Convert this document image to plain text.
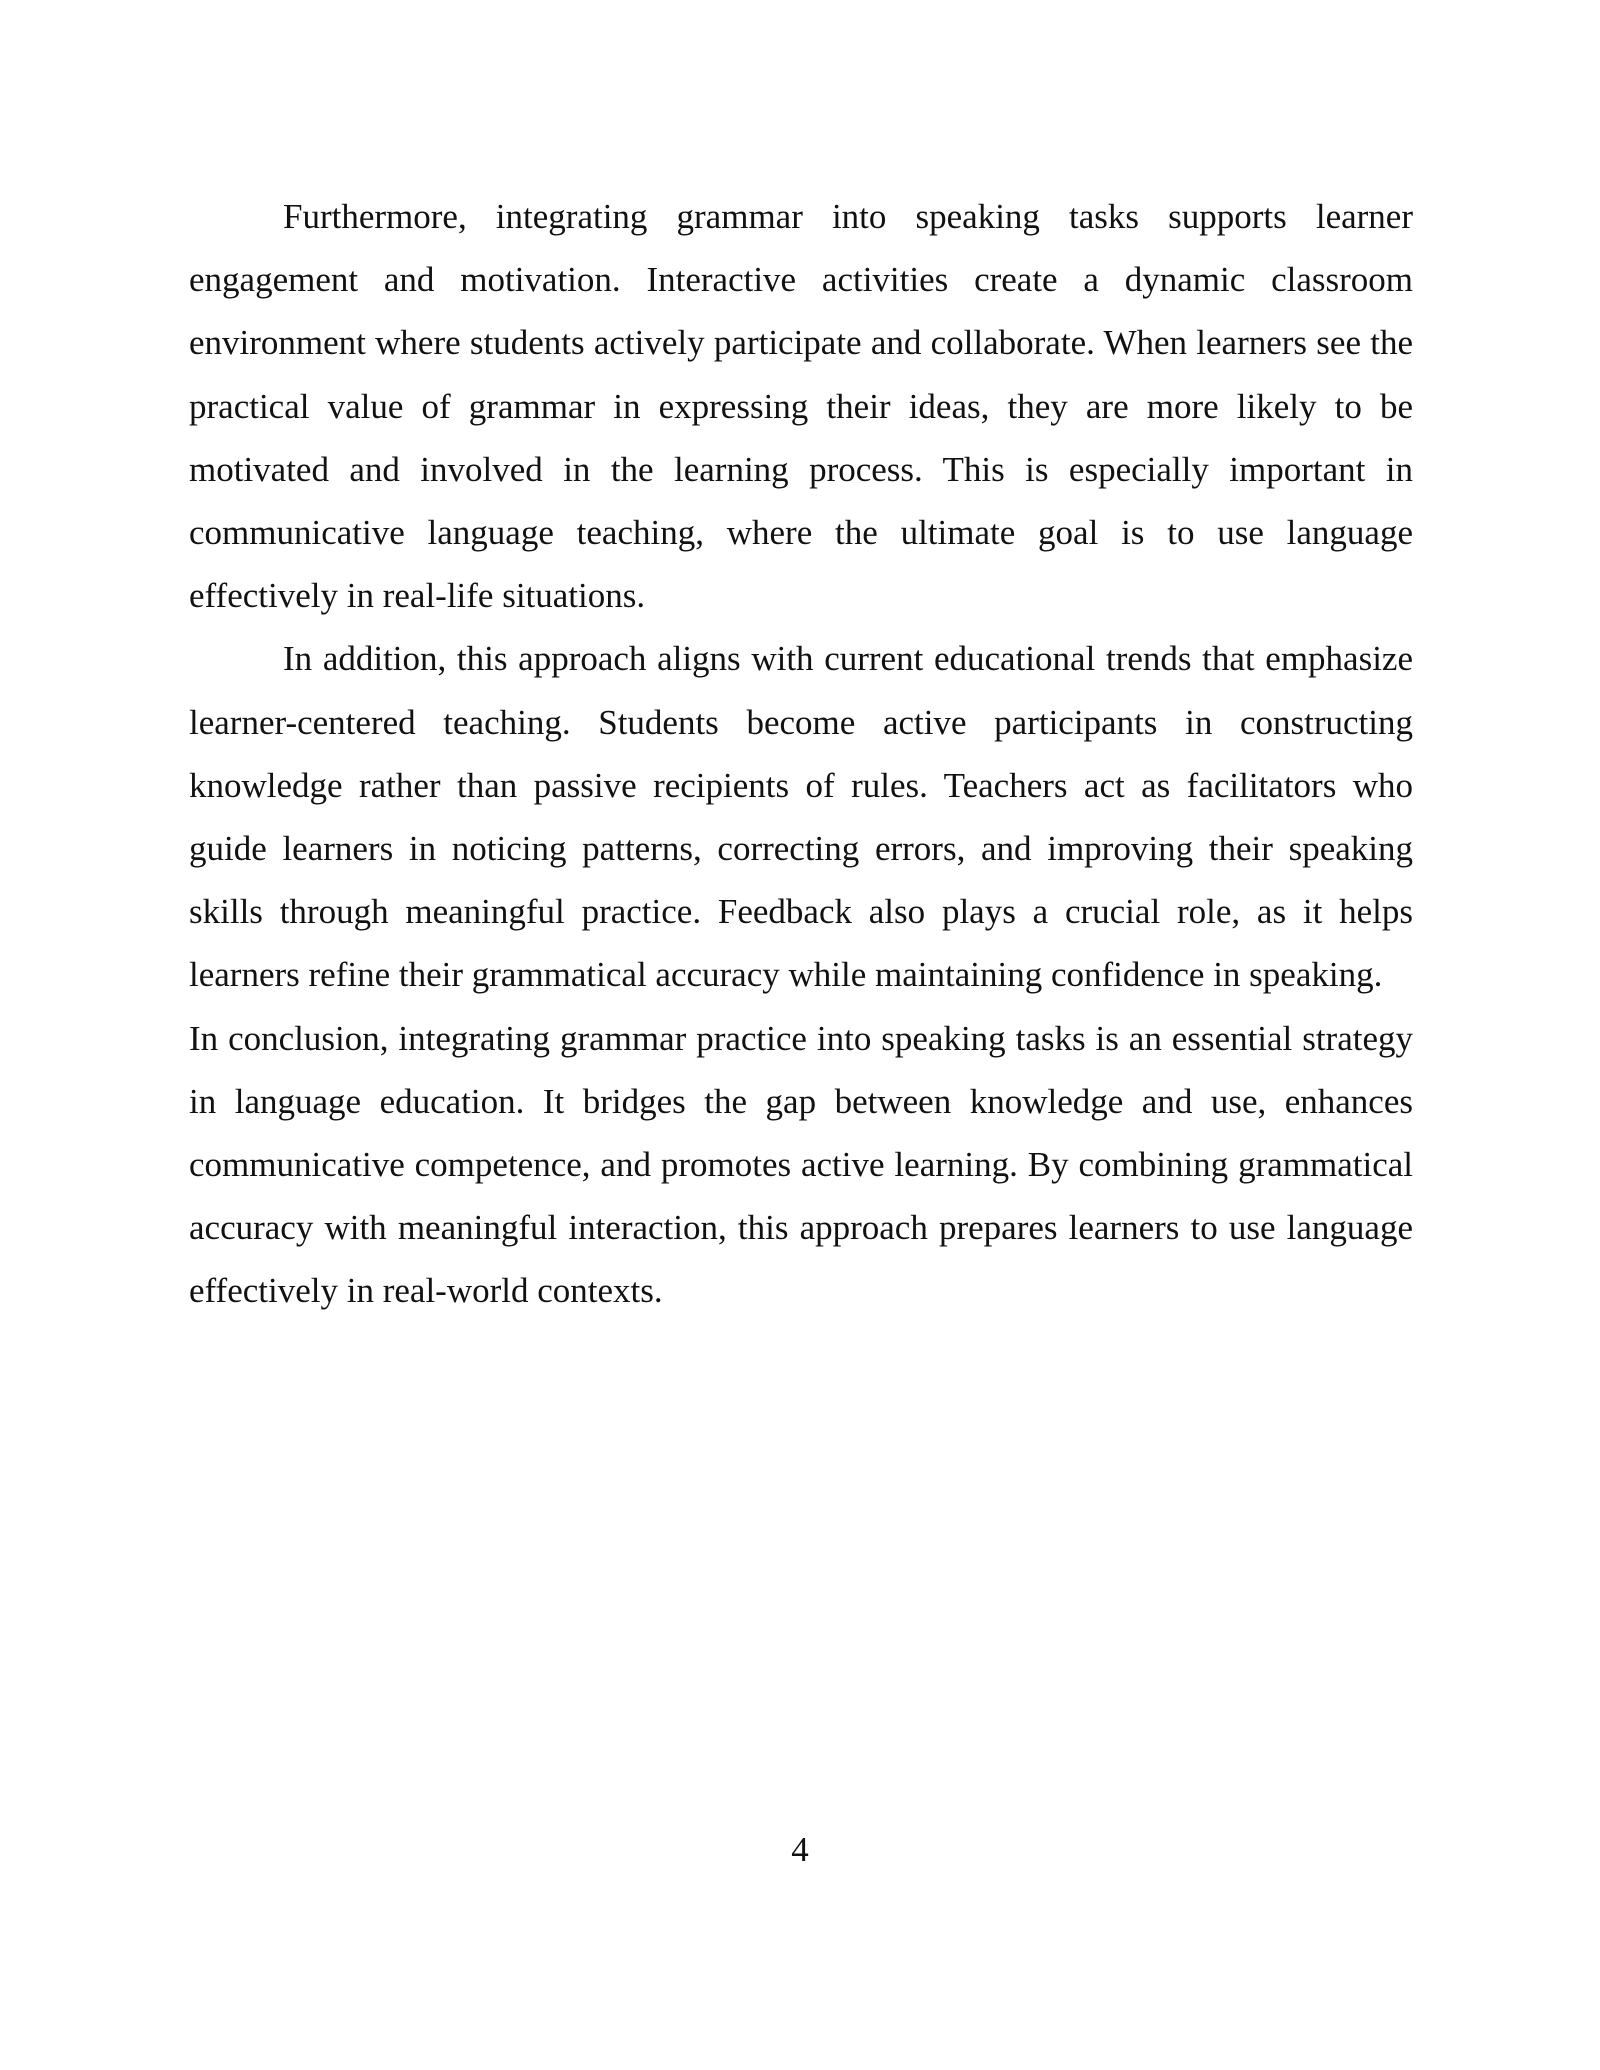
Furthermore, integrating grammar into speaking tasks supports learner engagement and motivation. Interactive activities create a dynamic classroom environment where students actively participate and collaborate. When learners see the practical value of grammar in expressing their ideas, they are more likely to be motivated and involved in the learning process. This is especially important in communicative language teaching, where the ultimate goal is to use language effectively in real-life situations.

In addition, this approach aligns with current educational trends that emphasize learner-centered teaching. Students become active participants in constructing knowledge rather than passive recipients of rules. Teachers act as facilitators who guide learners in noticing patterns, correcting errors, and improving their speaking skills through meaningful practice. Feedback also plays a crucial role, as it helps learners refine their grammatical accuracy while maintaining confidence in speaking.

In conclusion, integrating grammar practice into speaking tasks is an essential strategy in language education. It bridges the gap between knowledge and use, enhances communicative competence, and promotes active learning. By combining grammatical accuracy with meaningful interaction, this approach prepares learners to use language effectively in real-world contexts.

4
